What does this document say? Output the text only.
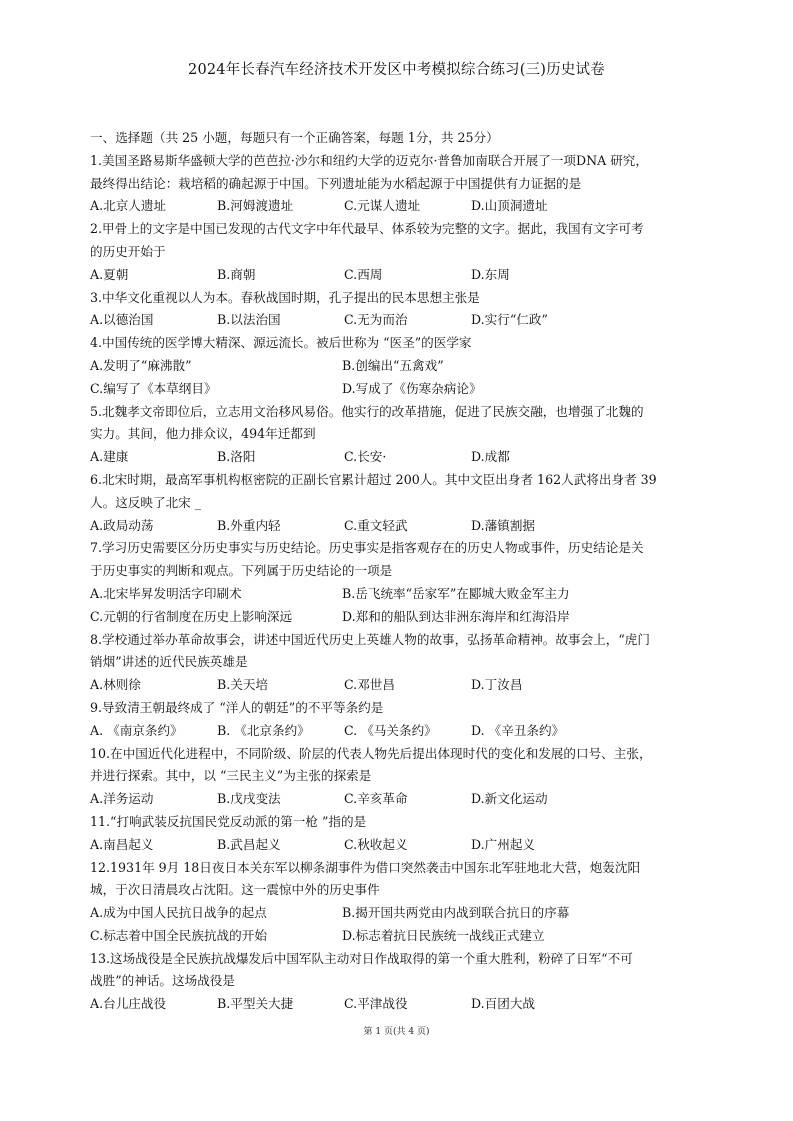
2024年长春汽车经济技术开发区中考模拟综合练习(三)历史试卷
一、选择题（共 25 小题，每题只有一个正确答案，每题 1分，共 25分）
1.美国圣路易斯华盛顿大学的芭芭拉·沙尔和纽约大学的迈克尔·普鲁加南联合开展了一项DNA 研究，
最终得出结论：栽培稻的确起源于中国。下列遗址能为水稻起源于中国提供有力证据的是
A.北京人遗址	B.河姆渡遗址	C.元谋人遗址	D.山顶洞遗址
2.甲骨上的文字是中国已发现的古代文字中年代最早、体系较为完整的文字。据此，我国有文字可考
的历史开始于
A.夏朝	B.商朝	C.西周	D.东周
3.中华文化重视以人为本。春秋战国时期，孔子提出的民本思想主张是
A.以德治国	B.以法治国	C.无为而治	D.实行“仁政”
4.中国传统的医学博大精深、源远流长。被后世称为 “医圣”的医学家
A.发明了“麻沸散”	B.创编出“五禽戏”
C.编写了《本草纲目》	D.写成了《伤寒杂病论》
5.北魏孝文帝即位后，立志用文治移风易俗。他实行的改革措施，促进了民族交融，也增强了北魏的
实力。其间，他力排众议，494年迁都到
A.建康	B.洛阳	C.长安·	D.成都
6.北宋时期，最高军事机构枢密院的正副长官累计超过 200人。其中文臣出身者 162人武将出身者 39
人。这反映了北宋 _
A.政局动荡	B.外重内轻	C.重文轻武	D.藩镇割据
7.学习历史需要区分历史事实与历史结论。历史事实是指客观存在的历史人物或事件，历史结论是关
于历史事实的判断和观点。下列属于历史结论的一项是
A.北宋毕昇发明活字印刷术	B.岳飞统率“岳家军”在郾城大败金军主力
C.元朝的行省制度在历史上影响深远	D.郑和的船队到达非洲东海岸和红海沿岸
8.学校通过举办革命故事会，讲述中国近代历史上英雄人物的故事，弘扬革命精神。故事会上，“虎门
销烟”讲述的近代民族英雄是
A.林则徐	B.关天培	C.邓世昌	D.丁汝昌
9.导致清王朝最终成了 “洋人的朝廷”的不平等条约是
A. 《南京条约》	B. 《北京条约》	C. 《马关条约》	D. 《辛丑条约》
10.在中国近代化进程中，不同阶级、阶层的代表人物先后提出体现时代的变化和发展的口号、主张，
并进行探索。其中，以 “三民主义”为主张的探索是
A.洋务运动	B.戊戌变法	C.辛亥革命	D.新文化运动
11.“打响武装反抗国民党反动派的第一枪 ”指的是
A.南昌起义	B.武昌起义	C.秋收起义	D.广州起义
12.1931年 9月 18日夜日本关东军以柳条湖事件为借口突然袭击中国东北军驻地北大营，炮轰沈阳
城，于次日清晨攻占沈阳。这一震惊中外的历史事件
A.成为中国人民抗日战争的起点	B.揭开国共两党由内战到联合抗日的序幕
C.标志着中国全民族抗战的开始	D.标志着抗日民族统一战线正式建立
13.这场战役是全民族抗战爆发后中国军队主动对日作战取得的第一个重大胜利，粉碎了日军“不可
战胜”的神话。这场战役是
A.台儿庄战役	B.平型关大捷	C.平津战役	D.百团大战
第 1 页(共 4 页)
